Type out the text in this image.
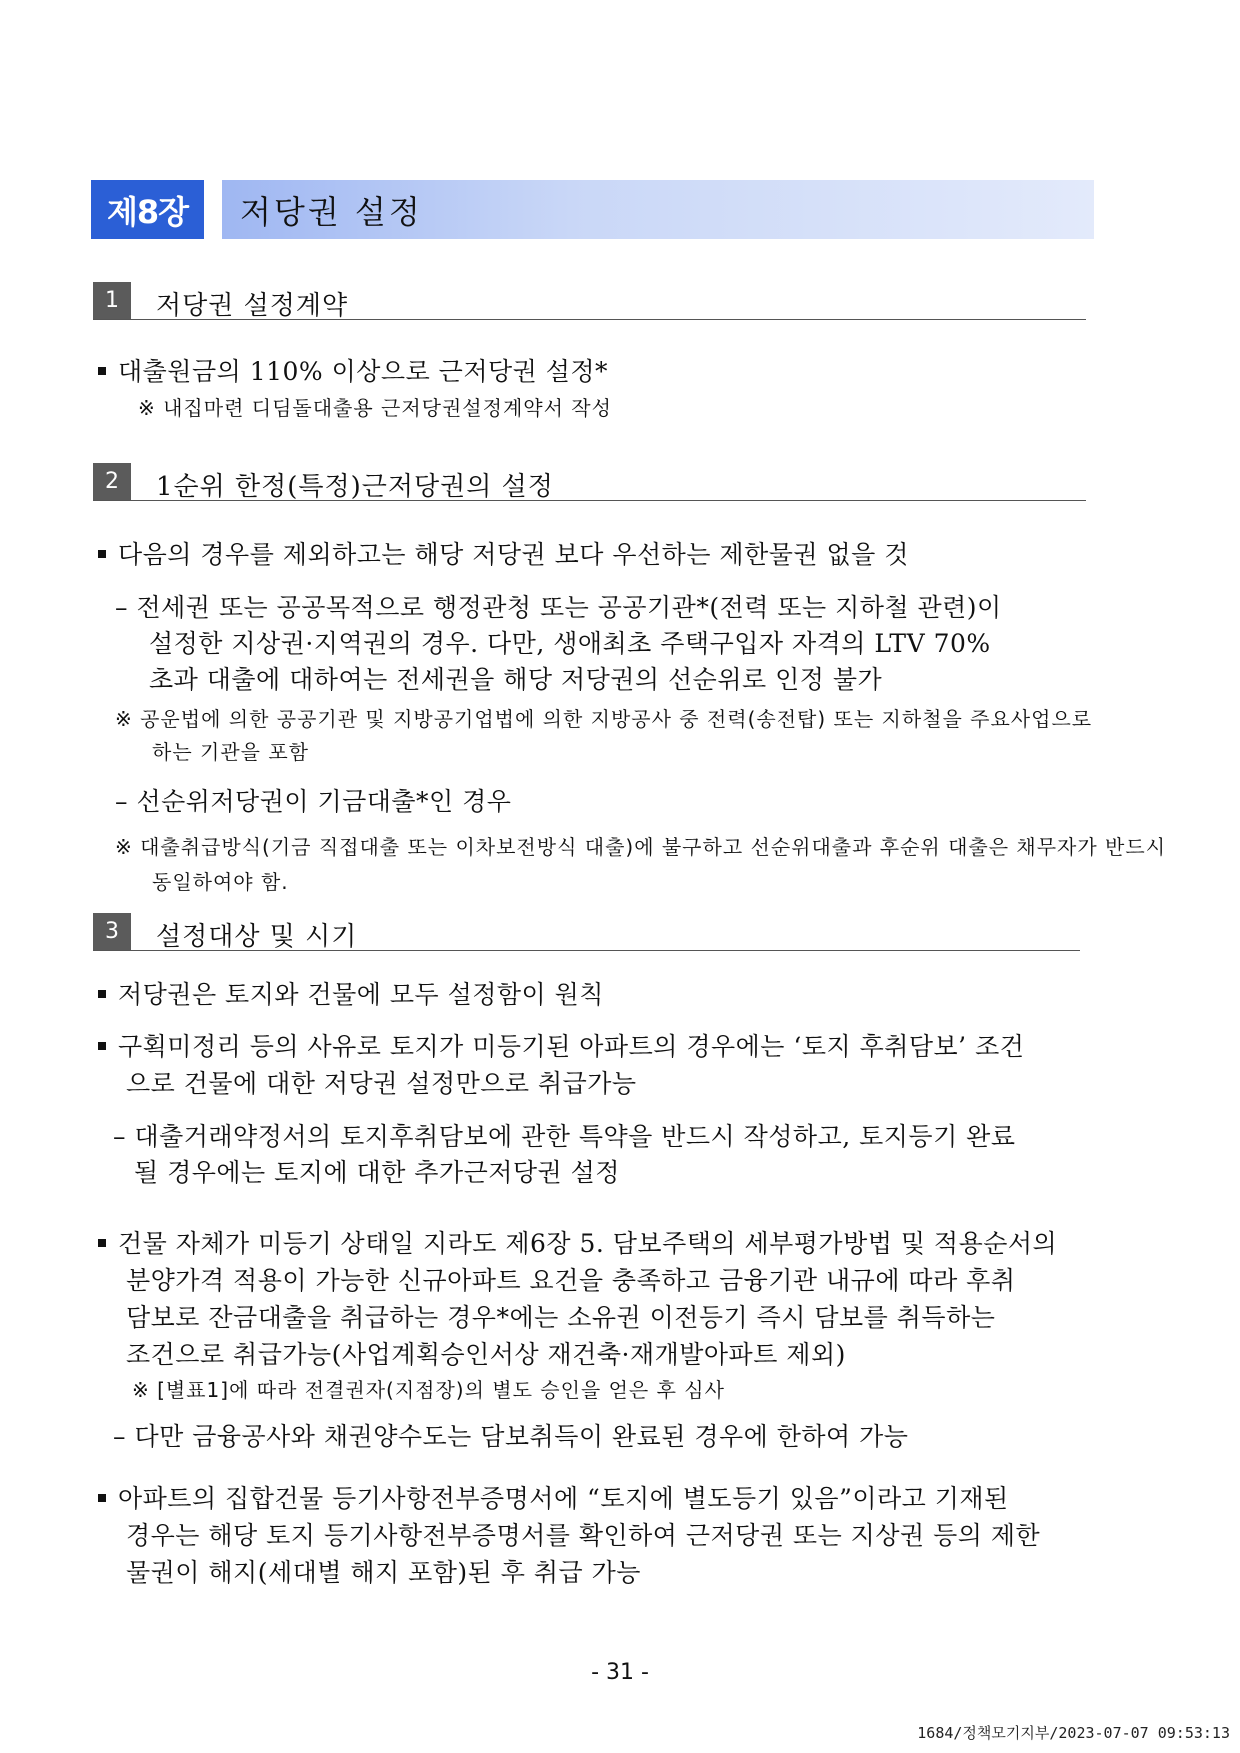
제8장	저당권 설정
1	저당권 설정계약
대출원금의 110% 이상으로 근저당권 설정*
※ 내집마련 디딤돌대출용 근저당권설정계약서 작성
2	1순위 한정(특정)근저당권의 설정
다음의 경우를 제외하고는 해당 저당권 보다 우선하는 제한물권 없을 것
– 전세권 또는 공공목적으로 행정관청 또는 공공기관*(전력 또는 지하철 관련)이
설정한 지상권·지역권의 경우. 다만, 생애최초 주택구입자 자격의 LTV 70%
초과 대출에 대하여는 전세권을 해당 저당권의 선순위로 인정 불가
※ 공운법에 의한 공공기관 및 지방공기업법에 의한 지방공사 중 전력(송전탑) 또는 지하철을 주요사업으로
하는 기관을 포함
– 선순위저당권이 기금대출*인 경우
※ 대출취급방식(기금 직접대출 또는 이차보전방식 대출)에 불구하고 선순위대출과 후순위 대출은 채무자가 반드시
동일하여야 함.
3	설정대상 및 시기
저당권은 토지와 건물에 모두 설정함이 원칙
구획미정리 등의 사유로 토지가 미등기된 아파트의 경우에는 ‘토지 후취담보’ 조건
으로 건물에 대한 저당권 설정만으로 취급가능
– 대출거래약정서의 토지후취담보에 관한 특약을 반드시 작성하고, 토지등기 완료
될 경우에는 토지에 대한 추가근저당권 설정
건물 자체가 미등기 상태일 지라도 제6장 5. 담보주택의 세부평가방법 및 적용순서의
분양가격 적용이 가능한 신규아파트 요건을 충족하고 금융기관 내규에 따라 후취
담보로 잔금대출을 취급하는 경우*에는 소유권 이전등기 즉시 담보를 취득하는
조건으로 취급가능(사업계획승인서상 재건축·재개발아파트 제외)
※ [별표1]에 따라 전결권자(지점장)의 별도 승인을 얻은 후 심사
– 다만 금융공사와 채권양수도는 담보취득이 완료된 경우에 한하여 가능
아파트의 집합건물 등기사항전부증명서에 “토지에 별도등기 있음”이라고 기재된
경우는 해당 토지 등기사항전부증명서를 확인하여 근저당권 또는 지상권 등의 제한
물권이 해지(세대별 해지 포함)된 후 취급 가능
- 31 -
1684/정책모기지부/2023-07-07 09:53:13
